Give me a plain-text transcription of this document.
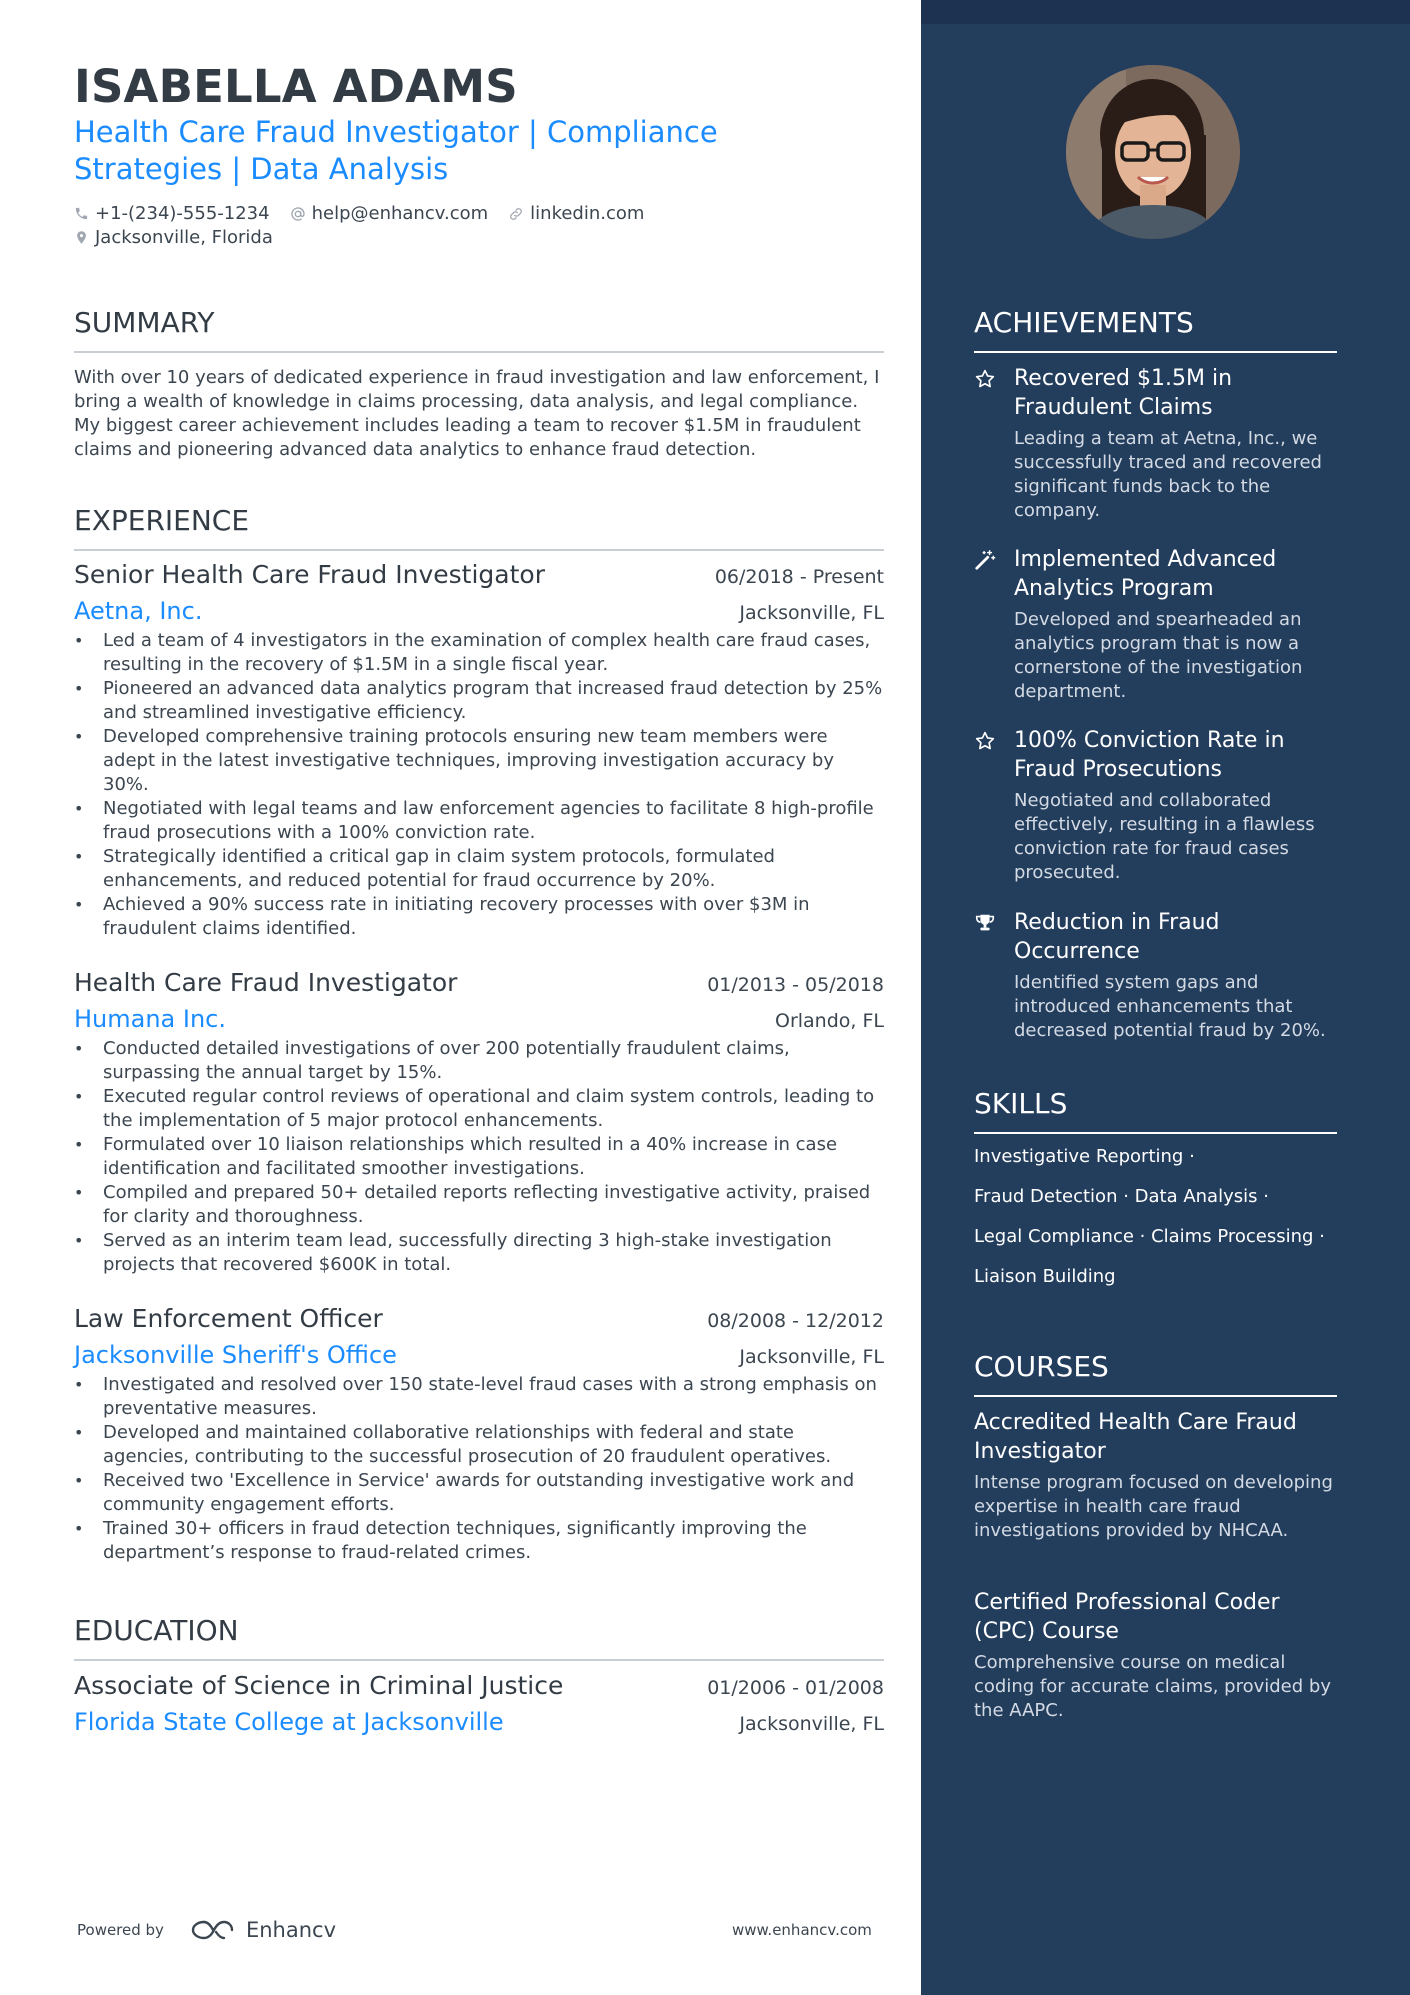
ISABELLA ADAMS
Health Care Fraud Investigator | Compliance
Strategies | Data Analysis
+1-(234)-555-1234 help@enhancv.com linkedin.com
Jacksonville, Florida
SUMMARY
With over 10 years of dedicated experience in fraud investigation and law enforcement, I bring a wealth of knowledge in claims processing, data analysis, and legal compliance. My biggest career achievement includes leading a team to recover $1.5M in fraudulent claims and pioneering advanced data analytics to enhance fraud detection.
EXPERIENCE
Senior Health Care Fraud Investigator	06/2018 - Present
Aetna, Inc.	Jacksonville, FL
• Led a team of 4 investigators in the examination of complex health care fraud cases, resulting in the recovery of $1.5M in a single fiscal year.
• Pioneered an advanced data analytics program that increased fraud detection by 25% and streamlined investigative efficiency.
• Developed comprehensive training protocols ensuring new team members were adept in the latest investigative techniques, improving investigation accuracy by 30%.
• Negotiated with legal teams and law enforcement agencies to facilitate 8 high-profile fraud prosecutions with a 100% conviction rate.
• Strategically identified a critical gap in claim system protocols, formulated enhancements, and reduced potential for fraud occurrence by 20%.
• Achieved a 90% success rate in initiating recovery processes with over $3M in fraudulent claims identified.
Health Care Fraud Investigator	01/2013 - 05/2018
Humana Inc.	Orlando, FL
• Conducted detailed investigations of over 200 potentially fraudulent claims, surpassing the annual target by 15%.
• Executed regular control reviews of operational and claim system controls, leading to the implementation of 5 major protocol enhancements.
• Formulated over 10 liaison relationships which resulted in a 40% increase in case identification and facilitated smoother investigations.
• Compiled and prepared 50+ detailed reports reflecting investigative activity, praised for clarity and thoroughness.
• Served as an interim team lead, successfully directing 3 high-stake investigation projects that recovered $600K in total.
Law Enforcement Officer	08/2008 - 12/2012
Jacksonville Sheriff's Office	Jacksonville, FL
• Investigated and resolved over 150 state-level fraud cases with a strong emphasis on preventative measures.
• Developed and maintained collaborative relationships with federal and state agencies, contributing to the successful prosecution of 20 fraudulent operatives.
• Received two 'Excellence in Service' awards for outstanding investigative work and community engagement efforts.
• Trained 30+ officers in fraud detection techniques, significantly improving the department’s response to fraud-related crimes.
EDUCATION
Associate of Science in Criminal Justice	01/2006 - 01/2008
Florida State College at Jacksonville	Jacksonville, FL
Powered by	Enhancv	www.enhancv.com
ACHIEVEMENTS
Recovered $1.5M in Fraudulent Claims
Leading a team at Aetna, Inc., we successfully traced and recovered significant funds back to the company.
Implemented Advanced Analytics Program
Developed and spearheaded an analytics program that is now a cornerstone of the investigation department.
100% Conviction Rate in Fraud Prosecutions
Negotiated and collaborated effectively, resulting in a flawless conviction rate for fraud cases prosecuted.
Reduction in Fraud Occurrence
Identified system gaps and introduced enhancements that decreased potential fraud by 20%.
SKILLS
Investigative Reporting ·
Fraud Detection · Data Analysis ·
Legal Compliance · Claims Processing ·
Liaison Building
COURSES
Accredited Health Care Fraud Investigator
Intense program focused on developing expertise in health care fraud investigations provided by NHCAA.
Certified Professional Coder (CPC) Course
Comprehensive course on medical coding for accurate claims, provided by the AAPC.
